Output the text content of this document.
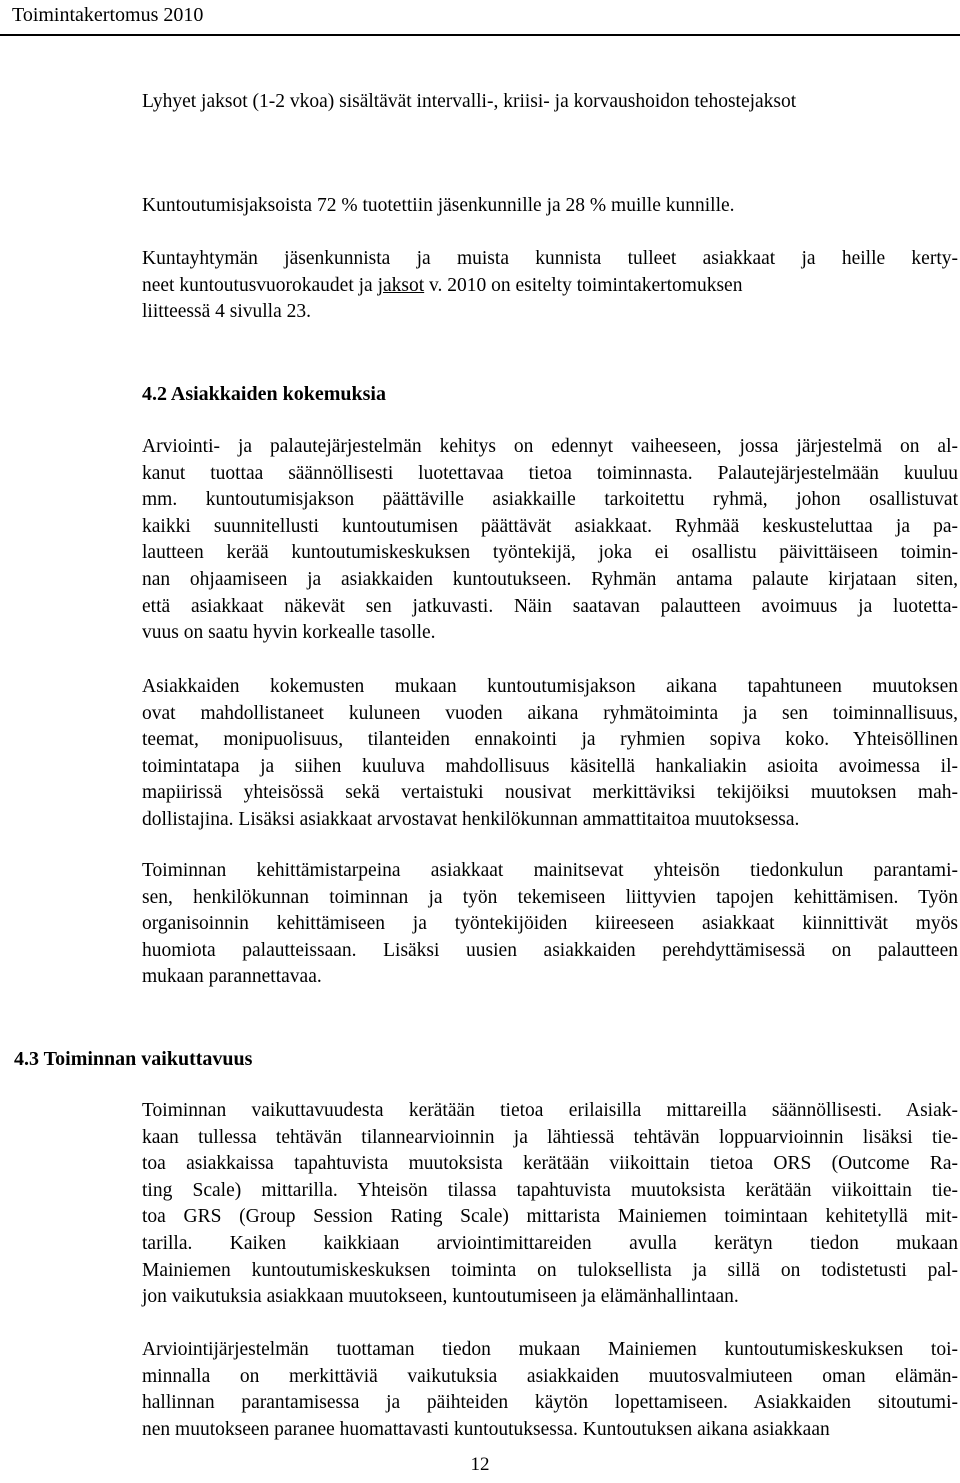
Toimintakertomus 2010

Lyhyet jaksot (1-2 vkoa) sisältävät intervalli-, kriisi- ja korvaushoidon tehostejaksot

Kuntoutumisjaksoista 72 % tuotettiin jäsenkunnille ja 28 % muille kunnille.

Kuntayhtymän jäsenkunnista ja muista kunnista tulleet asiakkaat ja heille kerty-
neet kuntoutusvuorokaudet ja jaksot v. 2010 on esitelty toimintakertomuksen
liitteessä 4 sivulla 23.
4.2 Asiakkaiden kokemuksia
Arviointi- ja palautejärjestelmän kehitys on edennyt vaiheeseen, jossa järjestelmä on al-
kanut tuottaa säännöllisesti luotettavaa tietoa toiminnasta. Palautejärjestelmään kuuluu
mm. kuntoutumisjakson päättäville asiakkaille tarkoitettu ryhmä, johon osallistuvat
kaikki suunnitellusti kuntoutumisen päättävät asiakkaat. Ryhmää keskusteluttaa ja pa-
lautteen kerää kuntoutumiskeskuksen työntekijä, joka ei osallistu päivittäiseen toimin-
nan ohjaamiseen ja asiakkaiden kuntoutukseen. Ryhmän antama palaute kirjataan siten,
että asiakkaat näkevät sen jatkuvasti. Näin saatavan palautteen avoimuus ja luotetta-
vuus on saatu hyvin korkealle tasolle.
Asiakkaiden kokemusten mukaan kuntoutumisjakson aikana tapahtuneen muutoksen
ovat mahdollistaneet kuluneen vuoden aikana ryhmätoiminta ja sen toiminnallisuus,
teemat, monipuolisuus, tilanteiden ennakointi ja ryhmien sopiva koko. Yhteisöllinen
toimintatapa ja siihen kuuluva mahdollisuus käsitellä hankaliakin asioita avoimessa il-
mapiirissä yhteisössä sekä vertaistuki nousivat merkittäviksi tekijöiksi muutoksen mah-
dollistajina. Lisäksi asiakkaat arvostavat henkilökunnan ammattitaitoa muutoksessa.
Toiminnan kehittämistarpeina asiakkaat mainitsevat yhteisön tiedonkulun parantami-
sen, henkilökunnan toiminnan ja työn tekemiseen liittyvien tapojen kehittämisen. Työn
organisoinnin kehittämiseen ja työntekijöiden kiireeseen asiakkaat kiinnittivät myös
huomiota palautteissaan. Lisäksi uusien asiakkaiden perehdyttämisessä on palautteen
mukaan parannettavaa.
4.3 Toiminnan vaikuttavuus
Toiminnan vaikuttavuudesta kerätään tietoa erilaisilla mittareilla säännöllisesti. Asiak-
kaan tullessa tehtävän tilannearvioinnin ja lähtiessä tehtävän loppuarvioinnin lisäksi tie-
toa asiakkaissa tapahtuvista muutoksista kerätään viikoittain tietoa ORS (Outcome Ra-
ting Scale) mittarilla. Yhteisön tilassa tapahtuvista muutoksista kerätään viikoittain tie-
toa GRS (Group Session Rating Scale) mittarista Mainiemen toimintaan kehitetyllä mit-
tarilla. Kaiken kaikkiaan arviointimittareiden avulla kerätyn tiedon mukaan
Mainiemen kuntoutumiskeskuksen toiminta on tuloksellista ja sillä on todistetusti pal-
jon vaikutuksia asiakkaan muutokseen, kuntoutumiseen ja elämänhallintaan.
Arviointijärjestelmän tuottaman tiedon mukaan Mainiemen kuntoutumiskeskuksen toi-
minnalla on merkittäviä vaikutuksia asiakkaiden muutosvalmiuteen oman elämän-
hallinnan parantamisessa ja päihteiden käytön lopettamiseen. Asiakkaiden sitoutumi-
nen muutokseen paranee huomattavasti kuntoutuksessa. Kuntoutuksen aikana asiakkaan
12
